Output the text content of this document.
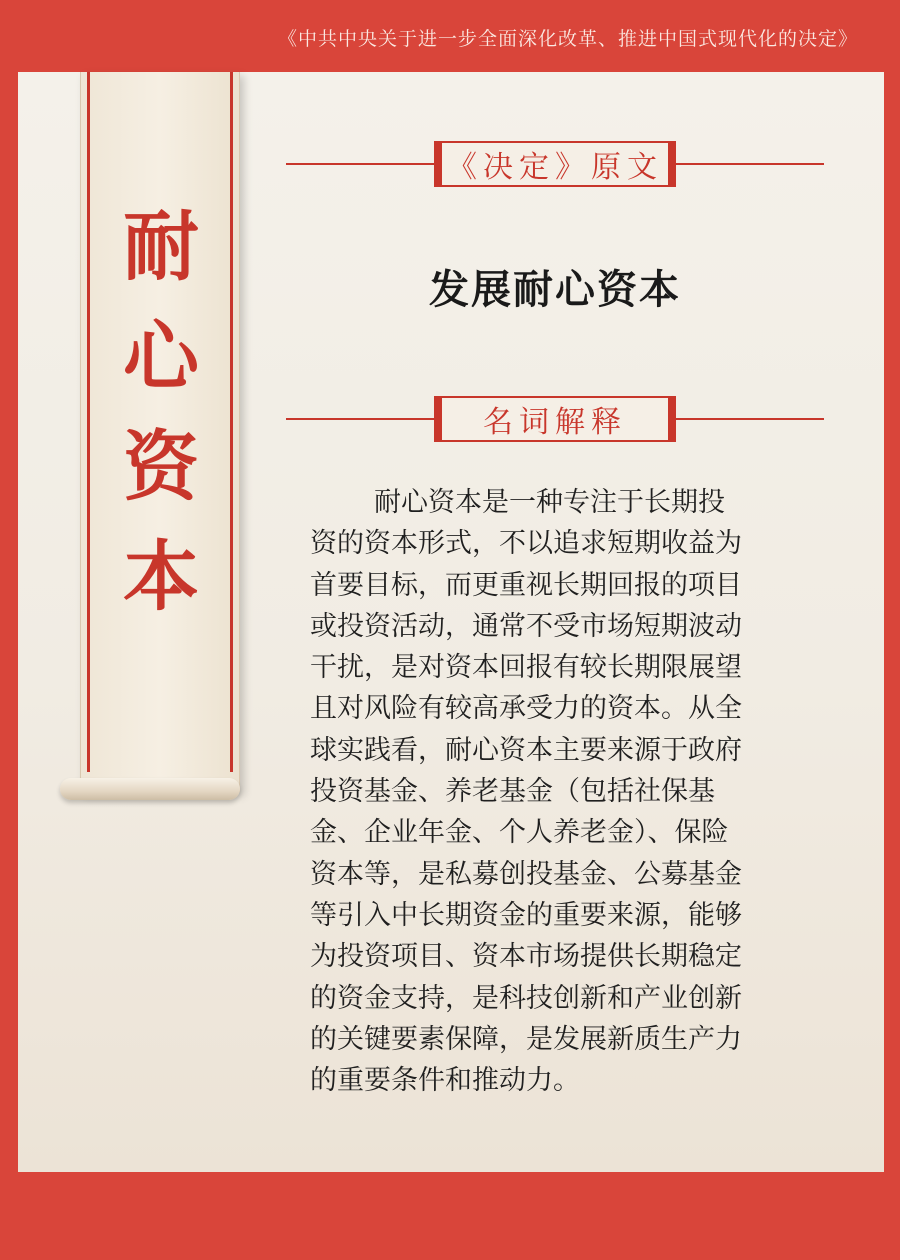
《中共中央关于进一步全面深化改革、推进中国式现代化的决定》
耐
心
资
本
《决定》原文
发展耐心资本
名词解释
耐心资本是一种专注于长期投
资的资本形式，不以追求短期收益为
首要目标，而更重视长期回报的项目
或投资活动，通常不受市场短期波动
干扰，是对资本回报有较长期限展望
且对风险有较高承受力的资本。从全
球实践看，耐心资本主要来源于政府
投资基金、养老基金（包括社保基
金、企业年金、个人养老金）、保险
资本等，是私募创投基金、公募基金
等引入中长期资金的重要来源，能够
为投资项目、资本市场提供长期稳定
的资金支持，是科技创新和产业创新
的关键要素保障，是发展新质生产力
的重要条件和推动力。
